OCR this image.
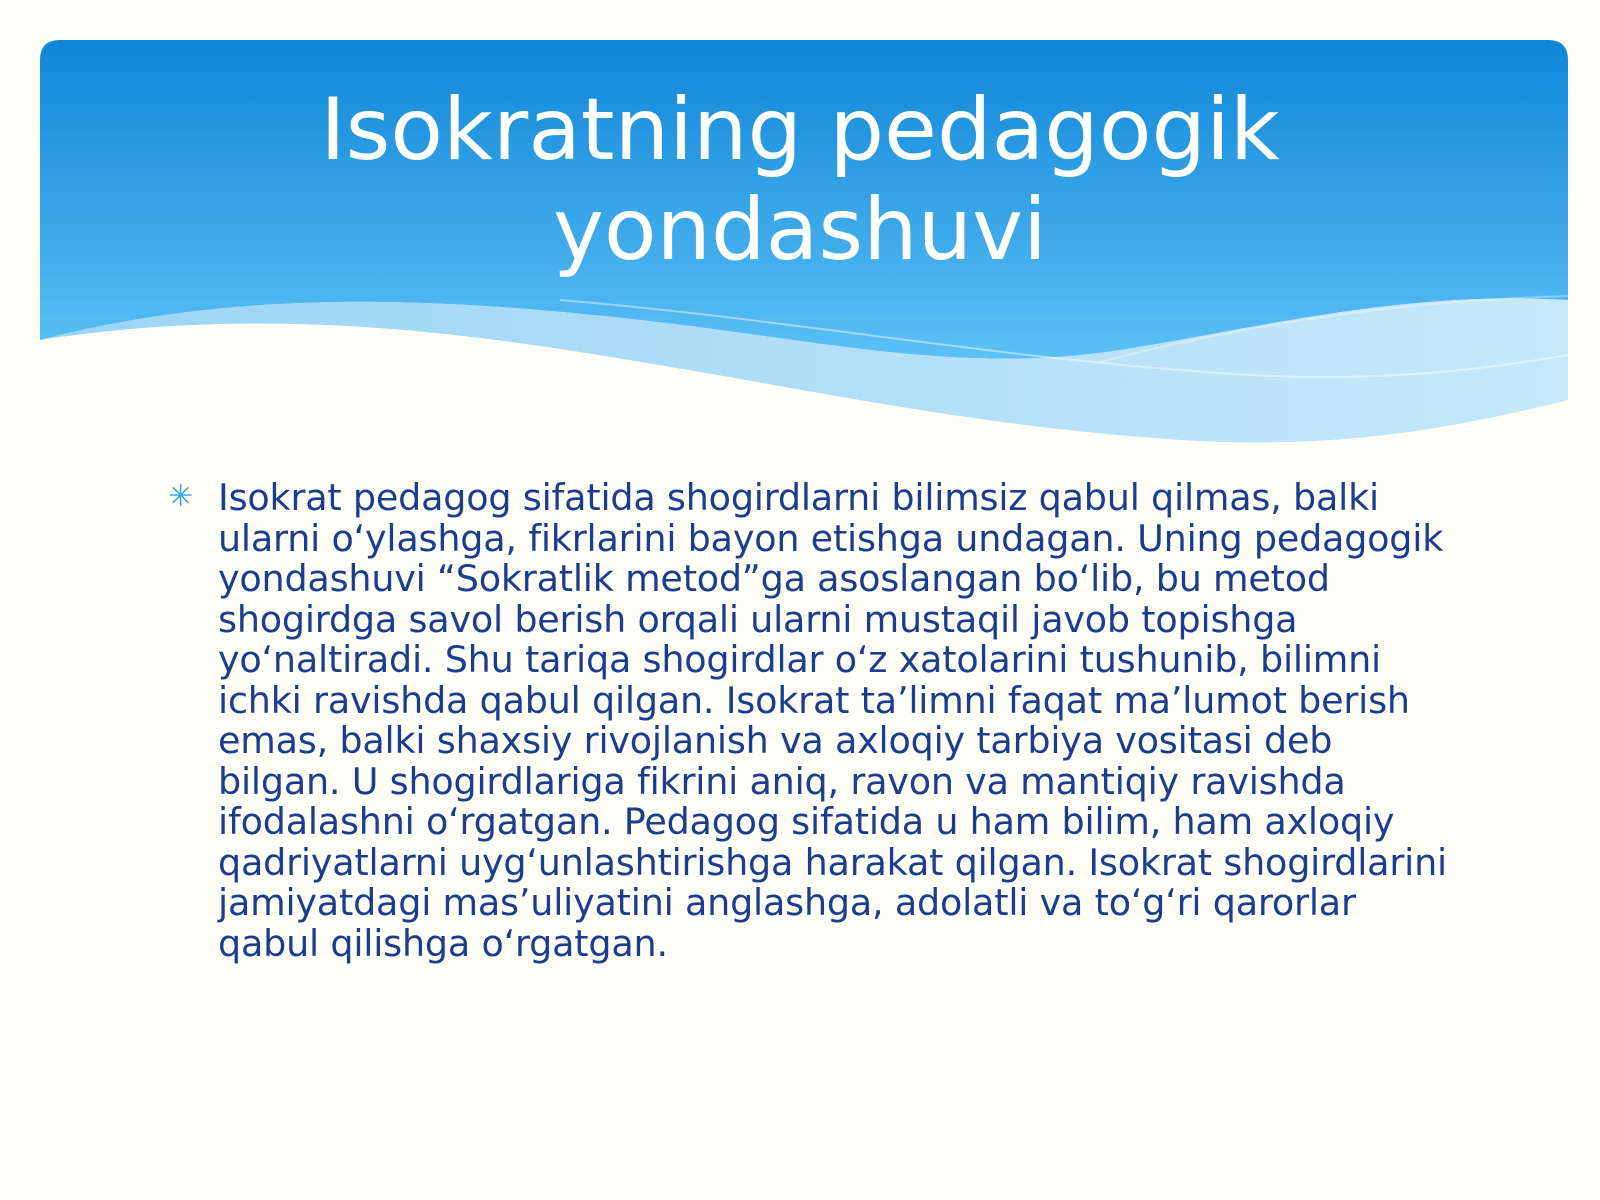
Isokratning pedagogik yondashuvi
✳ Isokrat pedagog sifatida shogirdlarni bilimsiz qabul qilmas, balki ularni o‘ylashga, fikrlarini bayon etishga undagan. Uning pedagogik yondashuvi “Sokratlik metod”ga asoslangan bo‘lib, bu metod shogirdga savol berish orqali ularni mustaqil javob topishga yo‘naltiradi. Shu tariqa shogirdlar o‘z xatolarini tushunib, bilimni ichki ravishda qabul qilgan. Isokrat ta’limni faqat ma’lumot berish emas, balki shaxsiy rivojlanish va axloqiy tarbiya vositasi deb bilgan. U shogirdlariga fikrini aniq, ravon va mantiqiy ravishda ifodalashni o‘rgatgan. Pedagog sifatida u ham bilim, ham axloqiy qadriyatlarni uyg‘unlashtirishga harakat qilgan. Isokrat shogirdlarini jamiyatdagi mas’uliyatini anglashga, adolatli va to‘g‘ri qarorlar qabul qilishga o‘rgatgan.
